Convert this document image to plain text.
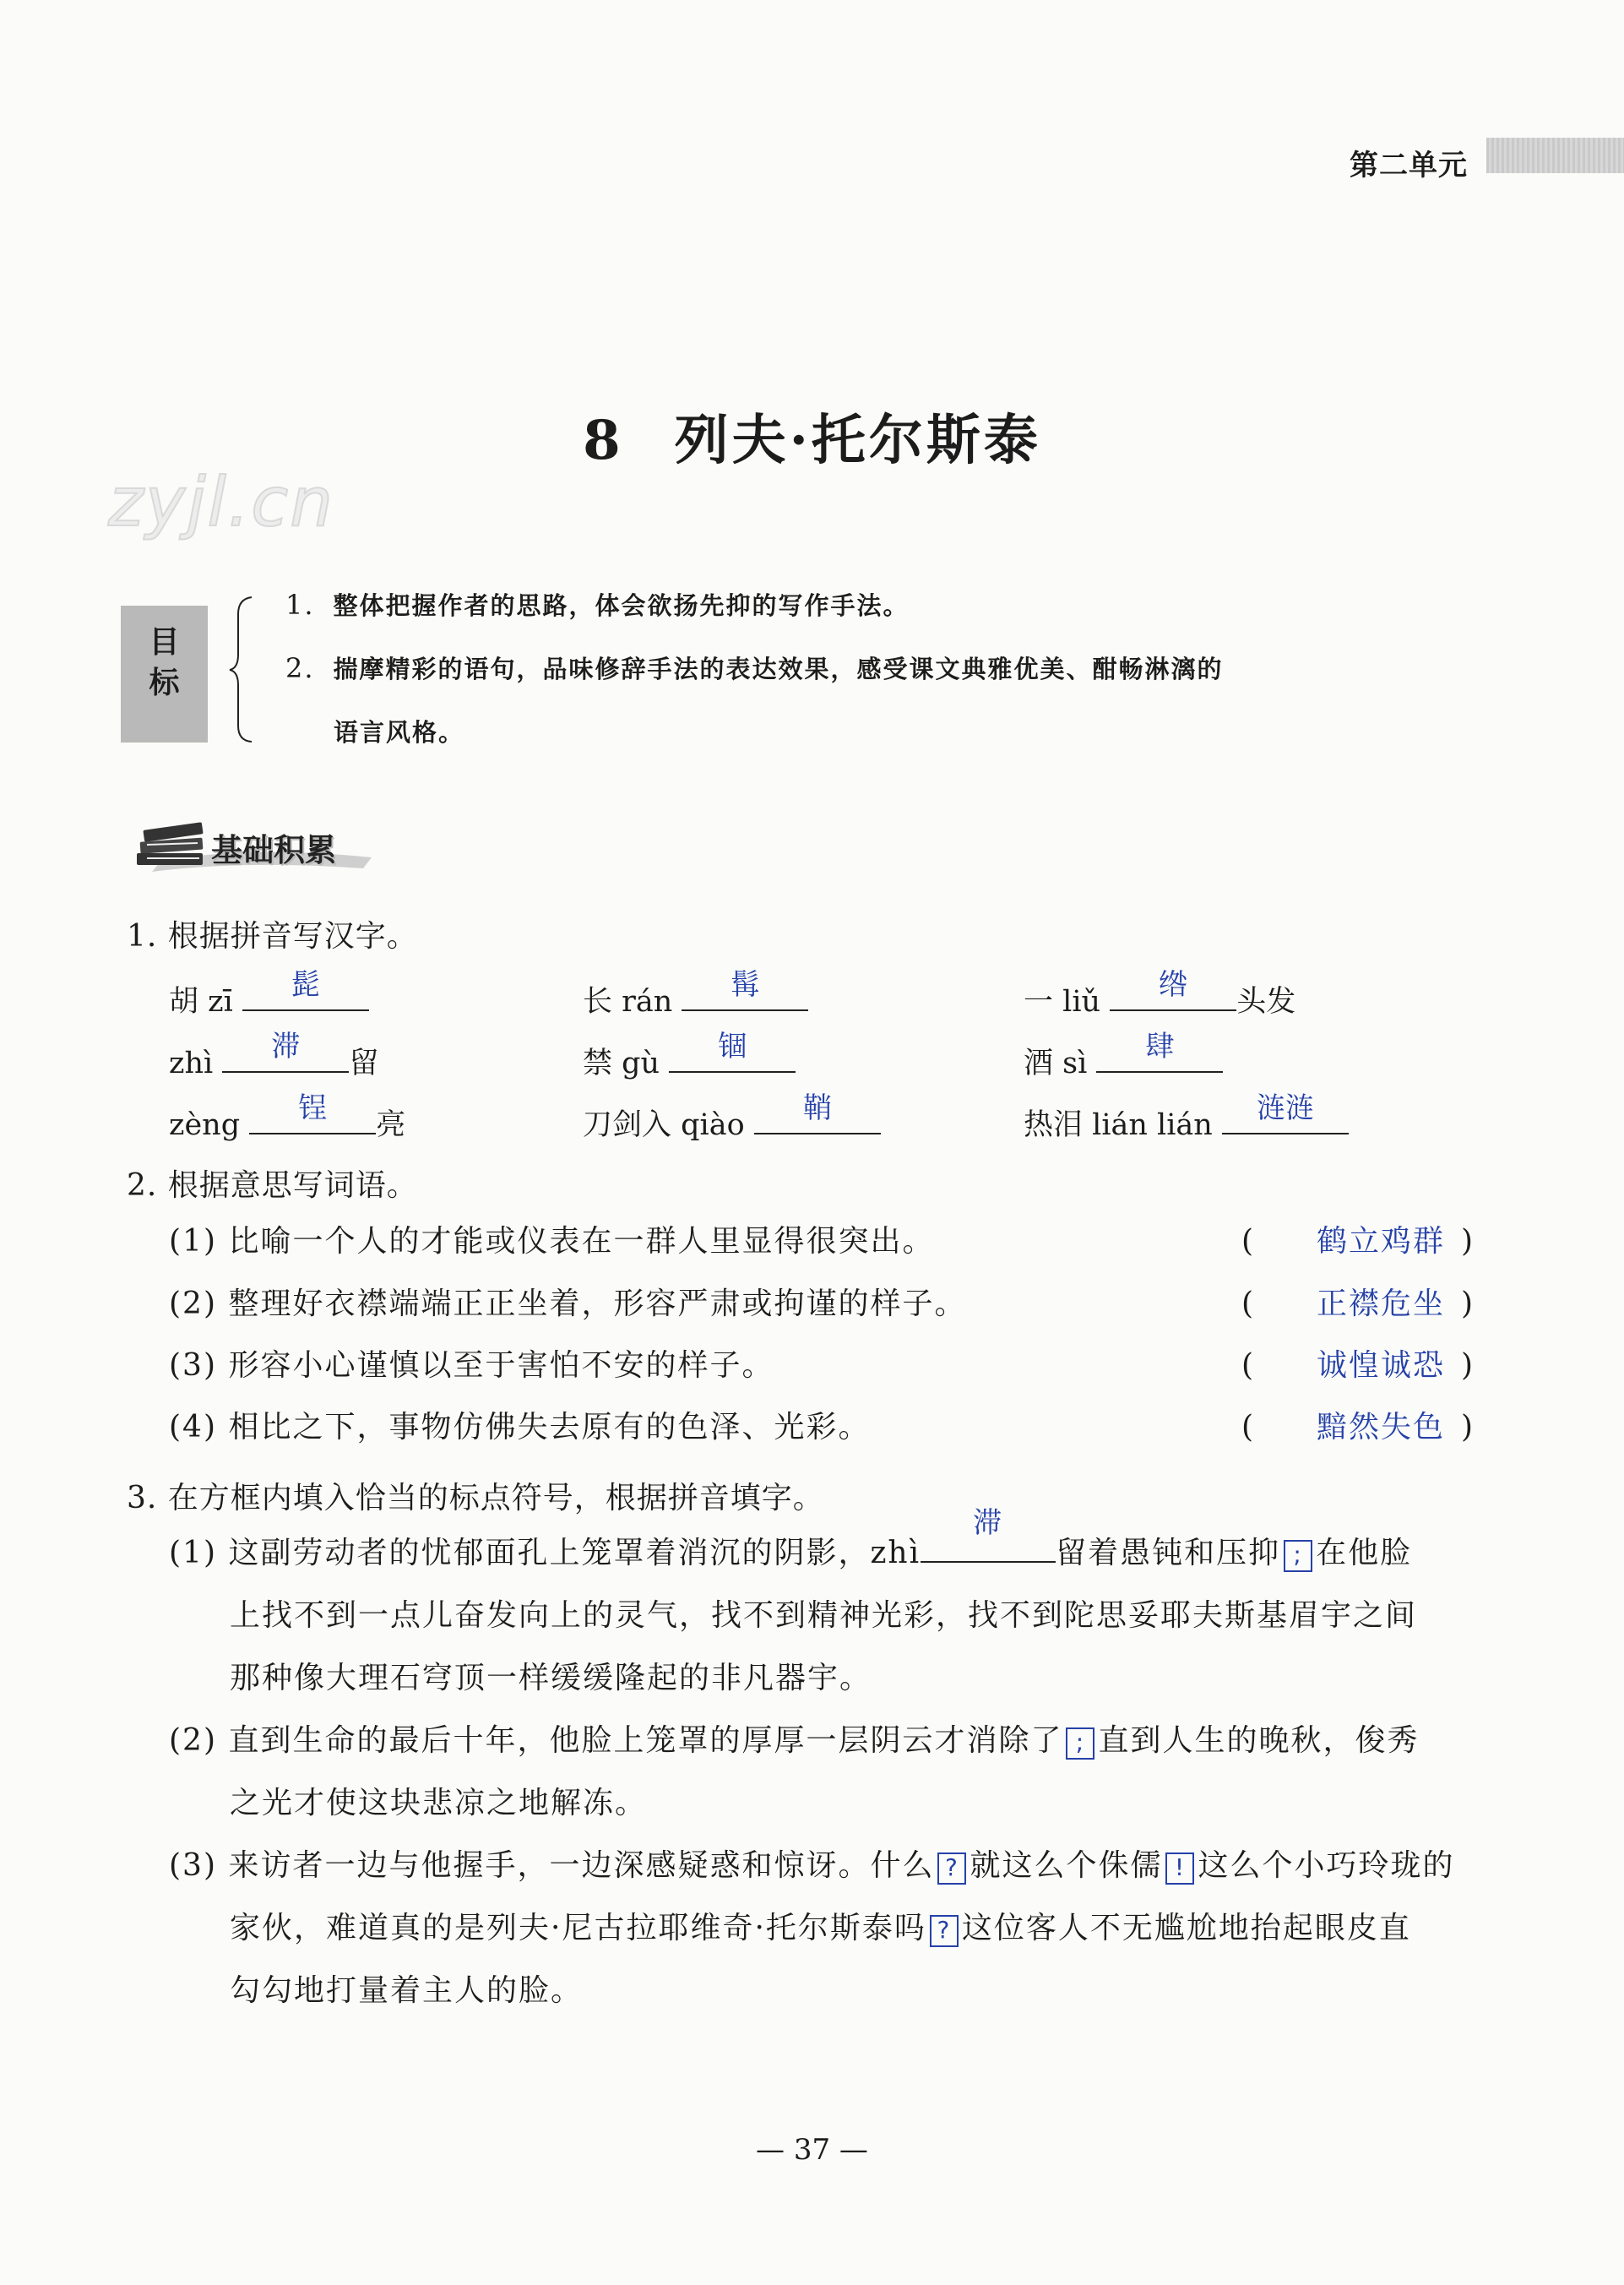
第二单元
8 列夫·托尔斯泰
zyjl.cn
目
标
1. 整体把握作者的思路，体会欲扬先抑的写作手法。
2. 揣摩精彩的语句，品味修辞手法的表达效果，感受课文典雅优美、酣畅淋漓的
语言风格。
基础积累
1. 根据拼音写汉字。
胡 zī	髭	长 rán	髯	一 liǔ	绺	头发
zhì	滞	留	禁 gù	锢	酒 sì	肆
zèng	锃	亮	刀剑入 qiào	鞘	热泪 lián lián	涟涟
2. 根据意思写词语。
(1) 比喻一个人的才能或仪表在一群人里显得很突出。	(	鹤立鸡群 )
(2) 整理好衣襟端端正正坐着，形容严肃或拘谨的样子。	(	正襟危坐 )
(3) 形容小心谨慎以至于害怕不安的样子。	(	诚惶诚恐 )
(4) 相比之下，事物仿佛失去原有的色泽、光彩。	(	黯然失色 )
3. 在方框内填入恰当的标点符号，根据拼音填字。
(1) 这副劳动者的忧郁面孔上笼罩着消沉的阴影，zhì
滞
留着愚钝和压抑 ; 在他脸
上找不到一点儿奋发向上的灵气，找不到精神光彩，找不到陀思妥耶夫斯基眉宇之间
那种像大理石穹顶一样缓缓隆起的非凡器宇。
(2) 直到生命的最后十年，他脸上笼罩的厚厚一层阴云才消除了 ; 直到人生的晚秋，俊秀
之光才使这块悲凉之地解冻。
(3) 来访者一边与他握手，一边深感疑惑和惊讶。什么 ? 就这么个侏儒 ! 这么个小巧玲珑的
家伙，难道真的是列夫·尼古拉耶维奇·托尔斯泰吗 ? 这位客人不无尴尬地抬起眼皮直
勾勾地打量着主人的脸。
— 37 —
